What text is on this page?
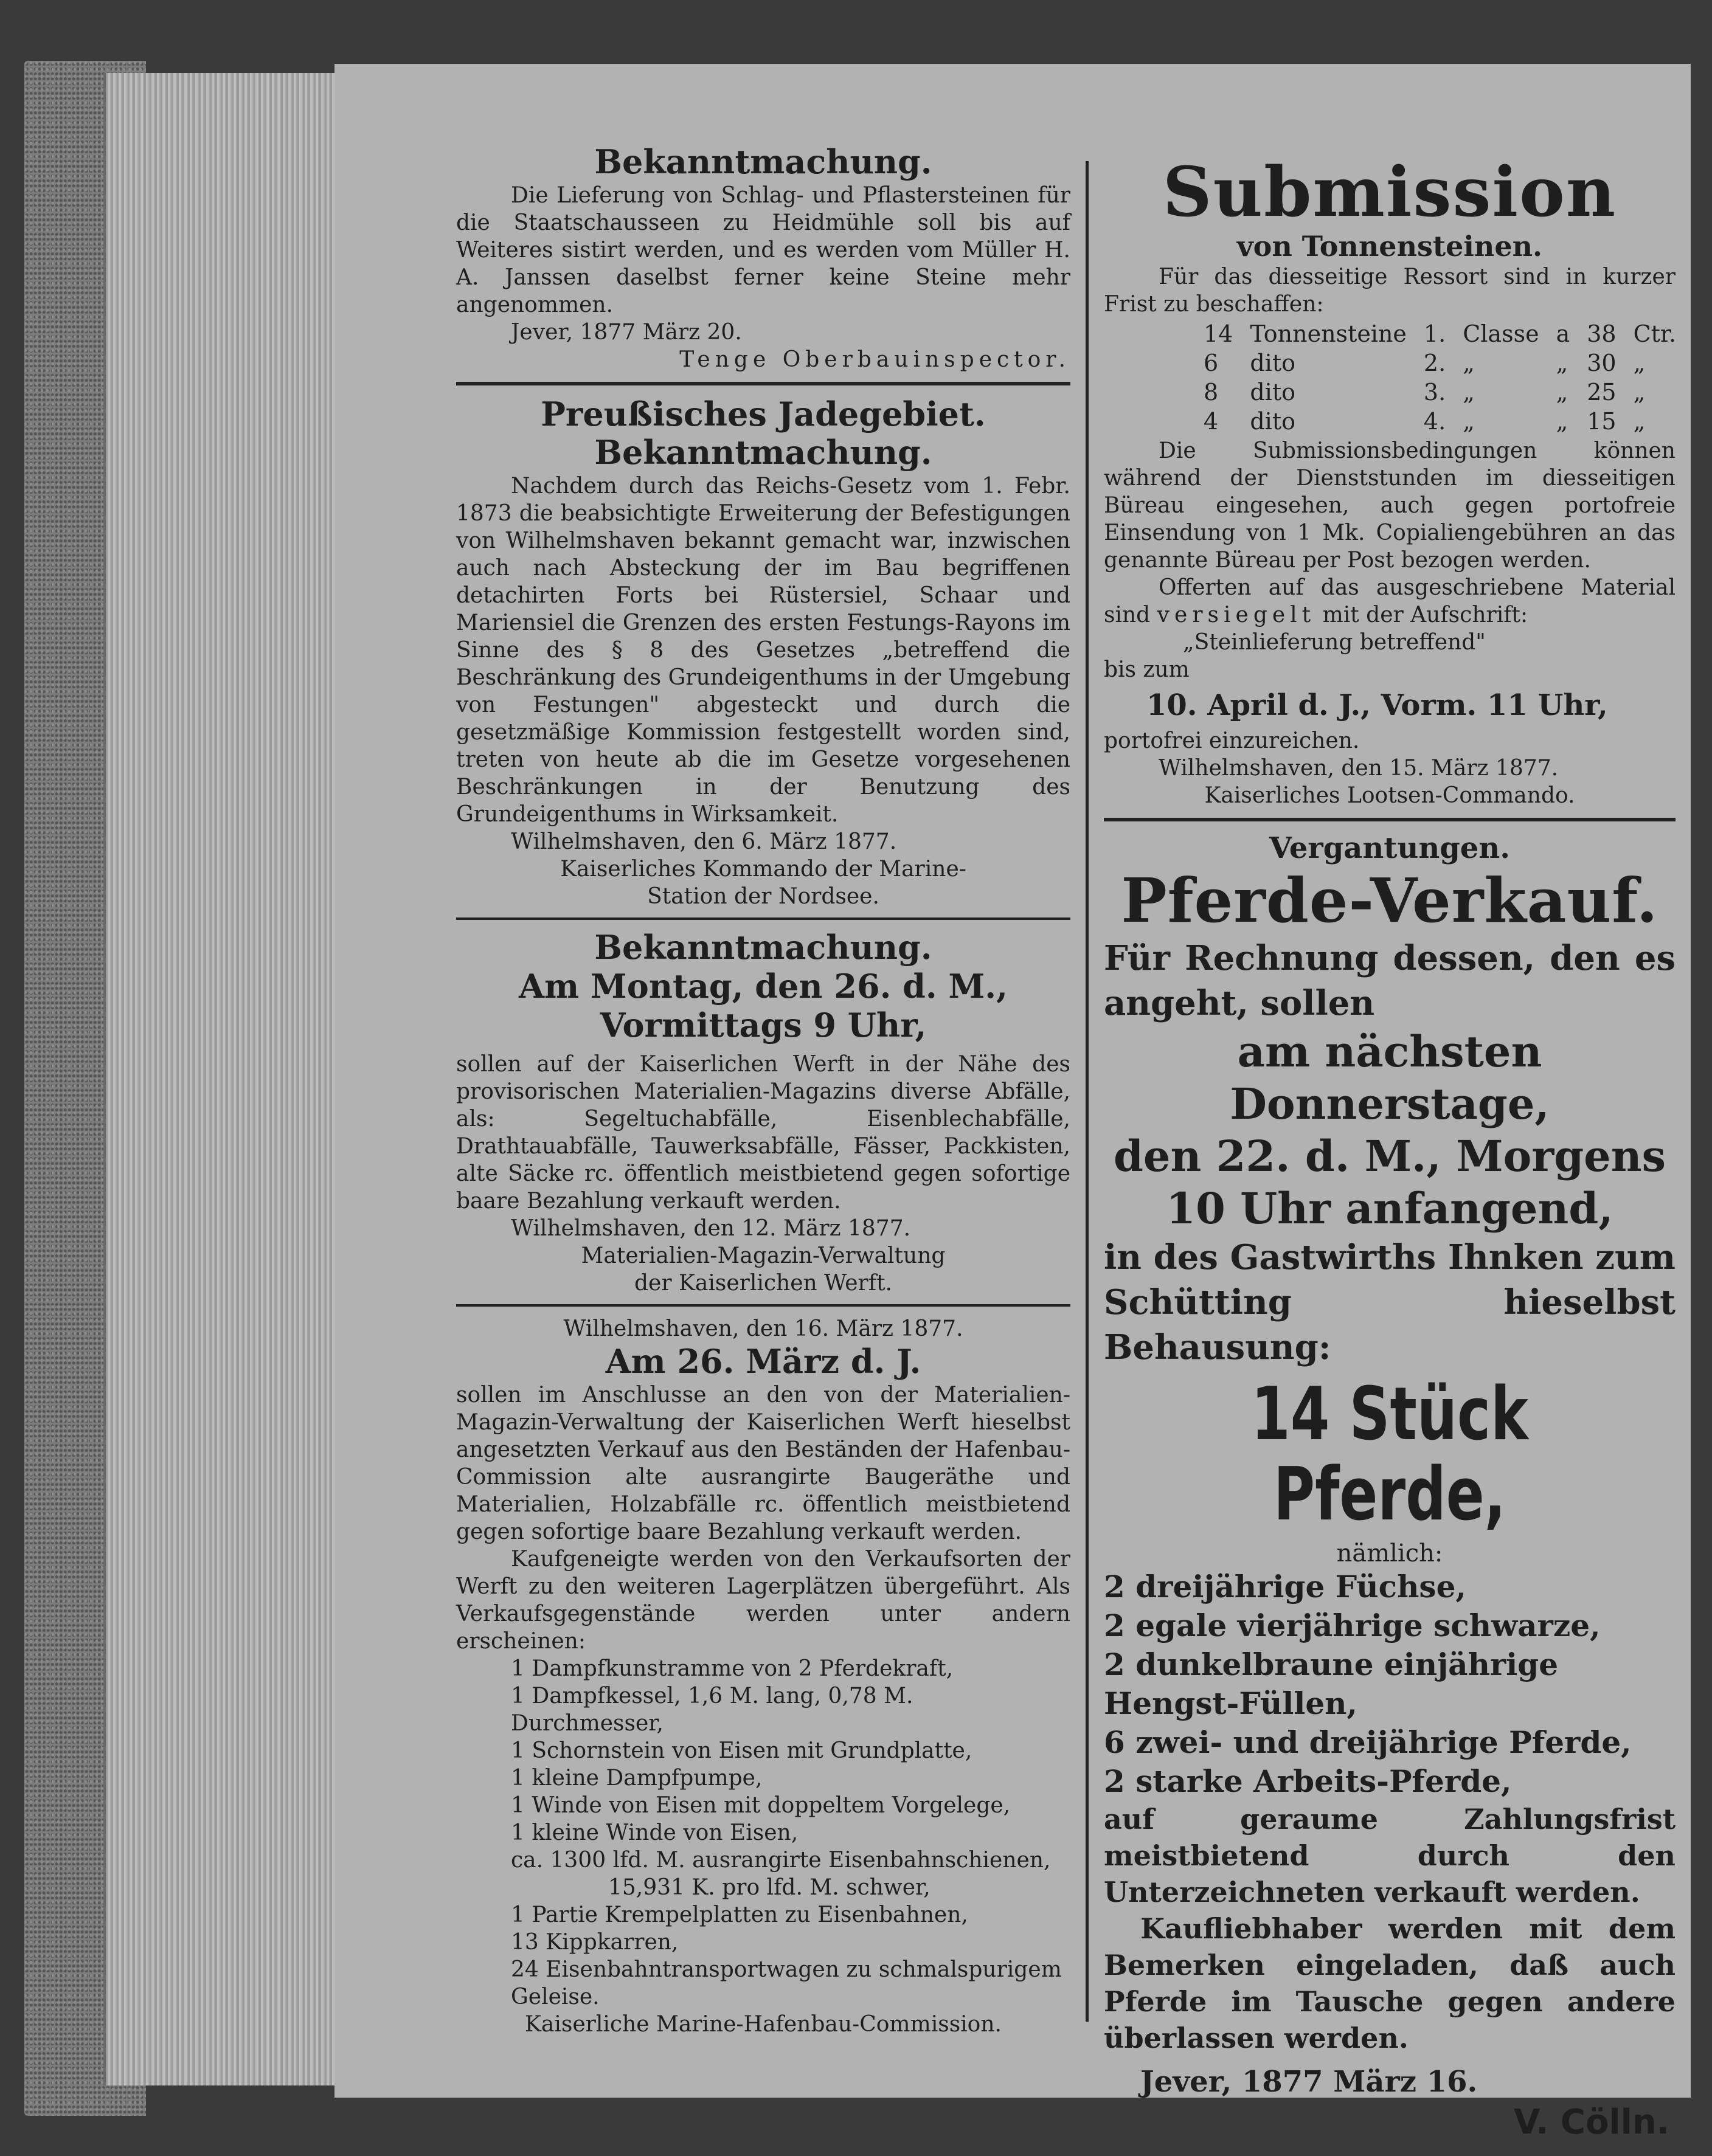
Bekanntmachung.

Die Lieferung von Schlag- und Pflastersteinen für die Staatschausseen zu Heidmühle soll bis auf Weiteres sistirt werden, und es werden vom Müller H. A. Janssen daselbst ferner keine Steine mehr angenommen.

Jever, 1877 März 20.

Tenge Oberbauinspector.

Preußisches Jadegebiet.
Bekanntmachung.

Nachdem durch das Reichs-Gesetz vom 1. Febr. 1873 die beabsichtigte Erweiterung der Befestigungen von Wilhelmshaven bekannt gemacht war, inzwischen auch nach Absteckung der im Bau begriffenen detachirten Forts bei Rüstersiel, Schaar und Mariensiel die Grenzen des ersten Festungs-Rayons im Sinne des § 8 des Gesetzes „betreffend die Beschränkung des Grundeigenthums in der Umgebung von Festungen" abgesteckt und durch die gesetzmäßige Kommission festgestellt worden sind, treten von heute ab die im Gesetze vorgesehenen Beschränkungen in der Benutzung des Grundeigenthums in Wirksamkeit.

Wilhelmshaven, den 6. März 1877.

Kaiserliches Kommando der Marine-

Station der Nordsee.

Bekanntmachung.
Am Montag, den 26. d. M.,
Vormittags 9 Uhr,

sollen auf der Kaiserlichen Werft in der Nähe des provisorischen Materialien-Magazins diverse Abfälle, als: Segeltuchabfälle, Eisenblechabfälle, Drathtauabfälle, Tauwerksabfälle, Fässer, Packkisten, alte Säcke rc. öffentlich meistbietend gegen sofortige baare Bezahlung verkauft werden.

Wilhelmshaven, den 12. März 1877.

Materialien-Magazin-Verwaltung

der Kaiserlichen Werft.

Wilhelmshaven, den 16. März 1877.

Am 26. März d. J.

sollen im Anschlusse an den von der Materialien-Magazin-Verwaltung der Kaiserlichen Werft hieselbst angesetzten Verkauf aus den Beständen der Hafenbau-Commission alte ausrangirte Baugeräthe und Materialien, Holzabfälle rc. öffentlich meistbietend gegen sofortige baare Bezahlung verkauft werden.

Kaufgeneigte werden von den Verkaufsorten der Werft zu den weiteren Lagerplätzen übergeführt. Als Verkaufsgegenstände werden unter andern erscheinen:

1 Dampfkunstramme von 2 Pferdekraft,
1 Dampfkessel, 1,6 M. lang, 0,78 M. Durchmesser,
1 Schornstein von Eisen mit Grundplatte,
1 kleine Dampfpumpe,
1 Winde von Eisen mit doppeltem Vorgelege,
1 kleine Winde von Eisen,
ca. 1300 lfd. M. ausrangirte Eisenbahnschienen,
15,931 K. pro lfd. M. schwer,
1 Partie Krempelplatten zu Eisenbahnen,
13 Kippkarren,
24 Eisenbahntransportwagen zu schmalspurigem Geleise.

Kaiserliche Marine-Hafenbau-Commission.

Submission
von Tonnensteinen.

Für das diesseitige Ressort sind in kurzer Frist zu beschaffen:

14	Tonnensteine	1.	Classe	a	38	Ctr.
6	dito	2.	„	„	30	„
8	dito	3.	„	„	25	„
4	dito	4.	„	„	15	„

Die Submissionsbedingungen können während der Dienststunden im diesseitigen Büreau eingesehen, auch gegen portofreie Einsendung von 1 Mk. Copialiengebühren an das genannte Büreau per Post bezogen werden.

Offerten auf das ausgeschriebene Material sind versiegelt mit der Aufschrift:

„Steinlieferung betreffend"

bis zum

10. April d. J., Vorm. 11 Uhr,

portofrei einzureichen.

Wilhelmshaven, den 15. März 1877.

Kaiserliches Lootsen-Commando.

Vergantungen.
Pferde-Verkauf.

Für Rechnung dessen, den es angeht, sollen

am nächsten Donnerstage,

den 22. d. M., Morgens

10 Uhr anfangend,

in des Gastwirths Ihnken zum Schütting hieselbst Behausung:

14 Stück Pferde,

nämlich:

2 dreijährige Füchse,

2 egale vierjährige schwarze,

2 dunkelbraune einjährige Hengst-Füllen,

6 zwei- und dreijährige Pferde,

2 starke Arbeits-Pferde,

auf geraume Zahlungsfrist meistbietend durch den Unterzeichneten verkauft werden.

Kaufliebhaber werden mit dem Bemerken eingeladen, daß auch Pferde im Tausche gegen andere überlassen werden.

Jever, 1877 März 16.

V. Cölln.
